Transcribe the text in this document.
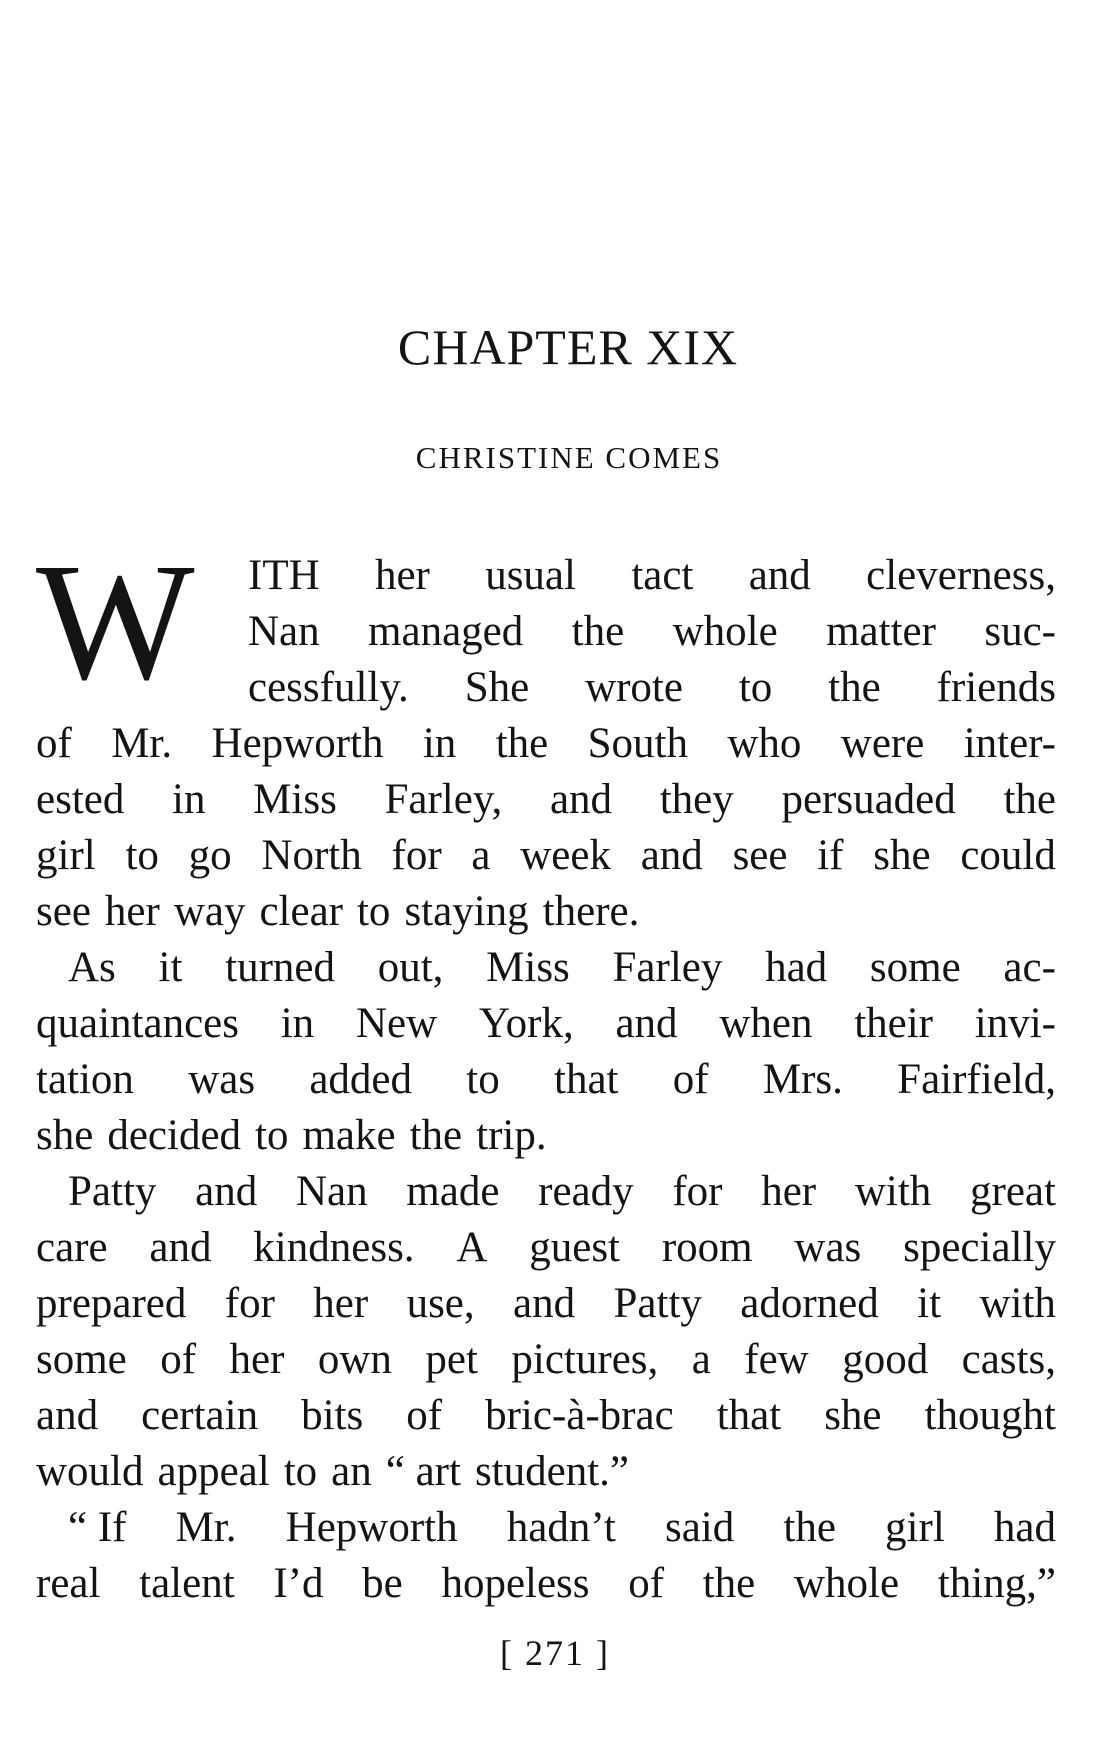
CHAPTER XIX
CHRISTINE COMES
W ITH her usual tact and cleverness,
Nan managed the whole matter suc-
cessfully. She wrote to the friends
of Mr. Hepworth in the South who were inter-
ested in Miss Farley, and they persuaded the
girl to go North for a week and see if she could
see her way clear to staying there.
As it turned out, Miss Farley had some ac-
quaintances in New York, and when their invi-
tation was added to that of Mrs. Fairfield,
she decided to make the trip.
Patty and Nan made ready for her with great
care and kindness. A guest room was specially
prepared for her use, and Patty adorned it with
some of her own pet pictures, a few good casts,
and certain bits of bric-à-brac that she thought
would appeal to an “ art student.”
“ If Mr. Hepworth hadn’t said the girl had
real talent I’d be hopeless of the whole thing,”
[ 271 ]
